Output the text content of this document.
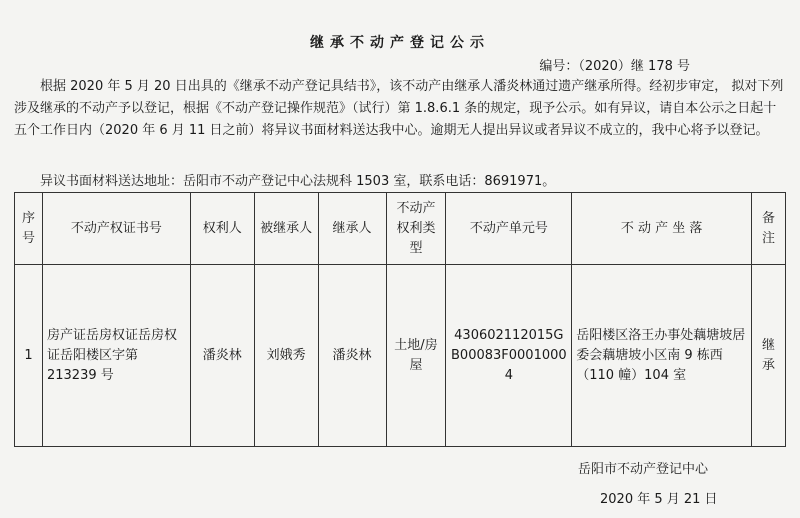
继承不动产登记公示
编号：（2020）继 178 号

根据 2020 年 5 月 20 日出具的《继承不动产登记具结书》，该不动产由继承人潘炎林通过遗产继承所得。经初步审定， 拟对下列涉及继承的不动产予以登记，根据《不动产登记操作规范》（试行）第 1.8.6.1 条的规定，现予公示。如有异议，请自本公示之日起十五个工作日内（2020 年 6 月 11 日之前）将异议书面材料送达我中心。逾期无人提出异议或者异议不成立的，我中心将予以登记。

异议书面材料送达地址：岳阳市不动产登记中心法规科 1503 室，联系电话：8691971。
序号	不动产权证书号	权利人	被继承人	继承人	不动产权利类型	不动产单元号	不 动 产 坐 落	备注
1	房产证岳房权证岳房权证岳阳楼区字第 213239 号	潘炎林	刘娥秀	潘炎林	土地/房屋	430602112015GB00083F00010004	岳阳楼区洛王办事处藕塘坡居委会藕塘坡小区南 9 栋西（110 幢）104 室	继承
岳阳市不动产登记中心
2020 年 5 月 21 日
